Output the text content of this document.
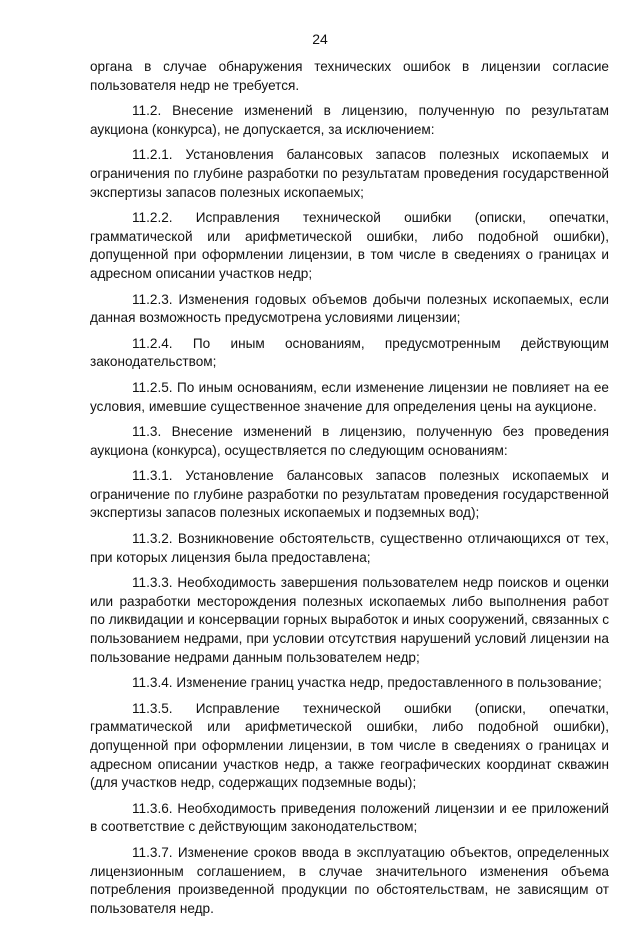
24

органа в случае обнаружения технических ошибок в лицензии согласие пользователя недр не требуется.

11.2. Внесение изменений в лицензию, полученную по результатам аукциона (конкурса), не допускается, за исключением:

11.2.1. Установления балансовых запасов полезных ископаемых и ограничения по глубине разработки по результатам проведения государственной экспертизы запасов полезных ископаемых;

11.2.2. Исправления технической ошибки (описки, опечатки, грамматической или арифметической ошибки, либо подобной ошибки), допущенной при оформлении лицензии, в том числе в сведениях о границах и адресном описании участков недр;

11.2.3. Изменения годовых объемов добычи полезных ископаемых, если данная возможность предусмотрена условиями лицензии;

11.2.4. По иным основаниям, предусмотренным действующим законодательством;

11.2.5. По иным основаниям, если изменение лицензии не повлияет на ее условия, имевшие существенное значение для определения цены на аукционе.

11.3. Внесение изменений в лицензию, полученную без проведения аукциона (конкурса), осуществляется по следующим основаниям:

11.3.1. Установление балансовых запасов полезных ископаемых и ограничение по глубине разработки по результатам проведения государственной экспертизы запасов полезных ископаемых и подземных вод);

11.3.2. Возникновение обстоятельств, существенно отличающихся от тех, при которых лицензия была предоставлена;

11.3.3. Необходимость завершения пользователем недр поисков и оценки или разработки месторождения полезных ископаемых либо выполнения работ по ликвидации и консервации горных выработок и иных сооружений, связанных с пользованием недрами, при условии отсутствия нарушений условий лицензии на пользование недрами данным пользователем недр;

11.3.4. Изменение границ участка недр, предоставленного в пользование;

11.3.5. Исправление технической ошибки (описки, опечатки, грамматической или арифметической ошибки, либо подобной ошибки), допущенной при оформлении лицензии, в том числе в сведениях о границах и адресном описании участков недр, а также географических координат скважин (для участков недр, содержащих подземные воды);

11.3.6. Необходимость приведения положений лицензии и ее приложений в соответствие с действующим законодательством;

11.3.7. Изменение сроков ввода в эксплуатацию объектов, определенных лицензионным соглашением, в случае значительного изменения объема потребления произведенной продукции по обстоятельствам, не зависящим от пользователя недр.
